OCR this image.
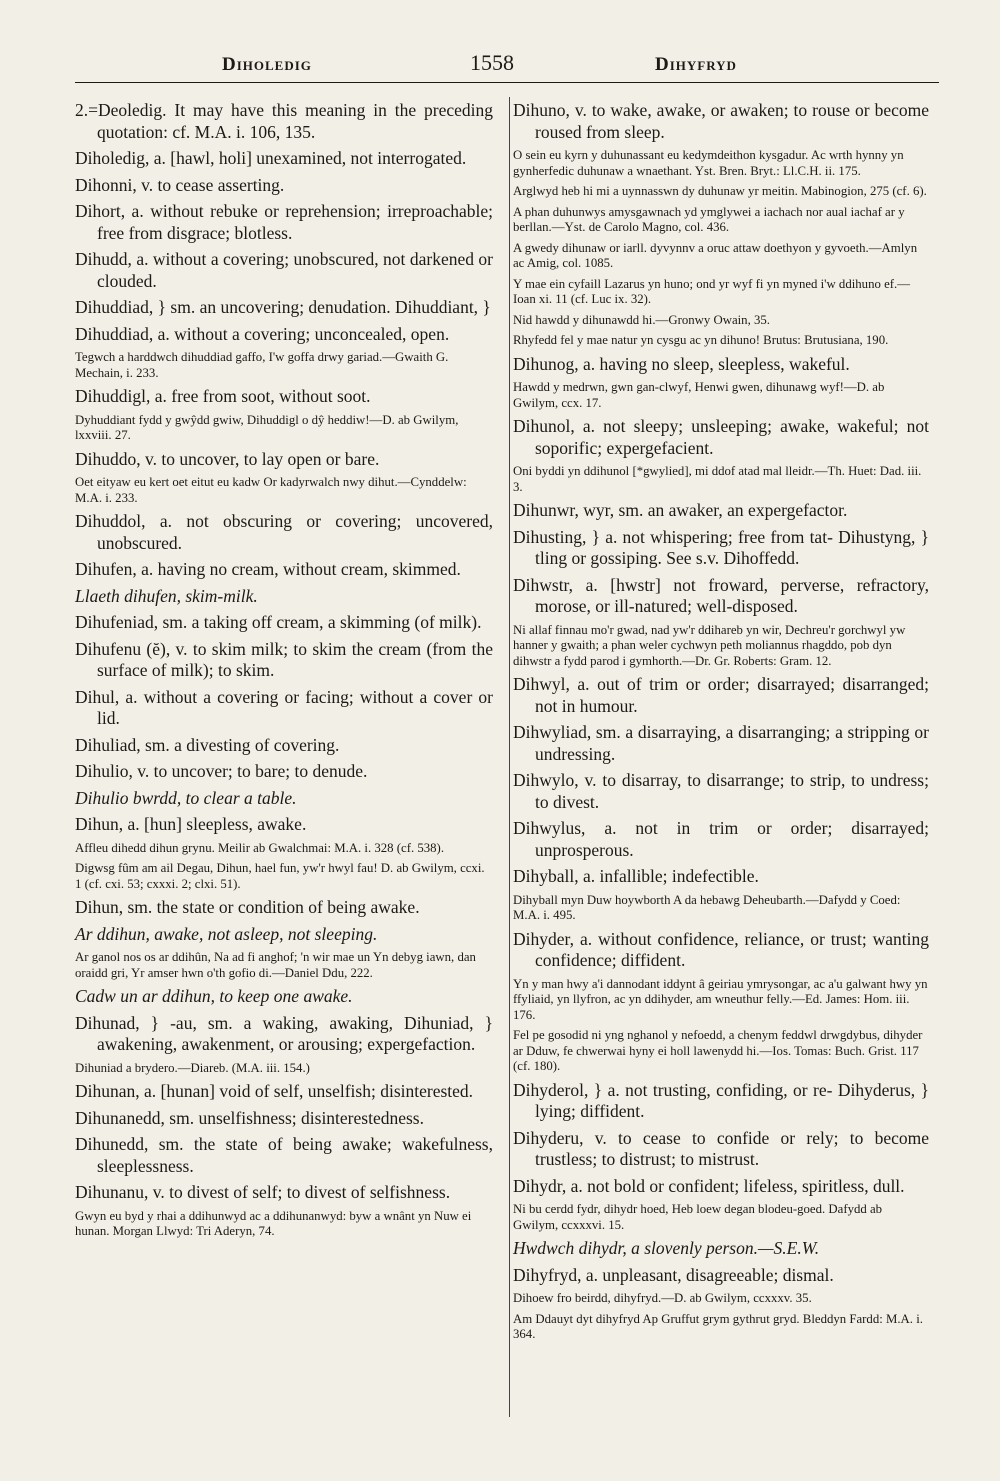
Diholedig	1558	Dihyfryd
2.=Deoledig. It may have this meaning in the preceding quotation: cf. M.A. i. 106, 135.
Diholedig, a. [hawl, holi] unexamined, not interrogated.
Dihonni, v. to cease asserting.
Dihort, a. without rebuke or reprehension; irreproachable; free from disgrace; blotless.
Dihudd, a. without a covering; unobscured, not darkened or clouded.
Dihuddiad, } sm. an uncovering; denudation. Dihuddiant, }
Dihuddiad, a. without a covering; unconcealed, open.
Tegwch a harddwch dihuddiad gaffo, I'w goffa drwy gariad.—Gwaith G. Mechain, i. 233.
Dihuddigl, a. free from soot, without soot.
Dyhuddiant fydd y gwŷdd gwiw, Dihuddigl o dŷ heddiw!—D. ab Gwilym, lxxviii. 27.
Dihuddo, v. to uncover, to lay open or bare.
Oet eityaw eu kert oet eitut eu kadw Or kadyrwalch nwy dihut.—Cynddelw: M.A. i. 233.
Dihuddol, a. not obscuring or covering; uncovered, unobscured.
Dihufen, a. having no cream, without cream, skimmed.
Llaeth dihufen, skim-milk.
Dihufeniad, sm. a taking off cream, a skimming (of milk).
Dihufenu (ĕ), v. to skim milk; to skim the cream (from the surface of milk); to skim.
Dihul, a. without a covering or facing; without a cover or lid.
Dihuliad, sm. a divesting of covering.
Dihulio, v. to uncover; to bare; to denude.
Dihulio bwrdd, to clear a table.
Dihun, a. [hun] sleepless, awake.
Affleu dihedd dihun grynu. Meilir ab Gwalchmai: M.A. i. 328 (cf. 538).
Digwsg fûm am ail Degau, Dihun, hael fun, yw'r hwyl fau! D. ab Gwilym, ccxi. 1 (cf. cxi. 53; cxxxi. 2; clxi. 51).
Dihun, sm. the state or condition of being awake.
Ar ddihun, awake, not asleep, not sleeping.
Ar ganol nos os ar ddihûn, Na ad fi anghof; 'n wir mae un Yn debyg iawn, dan oraidd gri, Yr amser hwn o'th gofio di.—Daniel Ddu, 222.
Cadw un ar ddihun, to keep one awake.
Dihunad, } -au, sm. a waking, awaking, Dihuniad, } awakening, awakenment, or arousing; expergefaction.
Dihuniad a brydero.—Diareb. (M.A. iii. 154.)
Dihunan, a. [hunan] void of self, unselfish; disinterested.
Dihunanedd, sm. unselfishness; disinterestedness.
Dihunedd, sm. the state of being awake; wakefulness, sleeplessness.
Dihunanu, v. to divest of self; to divest of selfishness.
Gwyn eu byd y rhai a ddihunwyd ac a ddihunanwyd: byw a wnânt yn Nuw ei hunan. Morgan Llwyd: Tri Aderyn, 74.
Dihuno, v. to wake, awake, or awaken; to rouse or become roused from sleep.
O sein eu kyrn y duhunassant eu kedymdeithon kysgadur. Ac wrth hynny yn gynherfedic duhunaw a wnaethant. Yst. Bren. Bryt.: Ll.C.H. ii. 175.
Arglwyd heb hi mi a uynnasswn dy duhunaw yr meitin. Mabinogion, 275 (cf. 6).
A phan duhunwys amysgawnach yd ymglywei a iachach nor aual iachaf ar y berllan.—Yst. de Carolo Magno, col. 436.
A gwedy dihunaw or iarll. dyvynnv a oruc attaw doethyon y gyvoeth.—Amlyn ac Amig, col. 1085.
Y mae ein cyfaill Lazarus yn huno; ond yr wyf fi yn myned i'w ddihuno ef.—Ioan xi. 11 (cf. Luc ix. 32).
Nid hawdd y dihunawdd hi.—Gronwy Owain, 35.
Rhyfedd fel y mae natur yn cysgu ac yn dihuno! Brutus: Brutusiana, 190.
Dihunog, a. having no sleep, sleepless, wakeful.
Hawdd y medrwn, gwn gan-clwyf, Henwi gwen, dihunawg wyf!—D. ab Gwilym, ccx. 17.
Dihunol, a. not sleepy; unsleeping; awake, wakeful; not soporific; expergefacient.
Oni byddi yn ddihunol [*gwylied], mi ddof atad mal lleidr.—Th. Huet: Dad. iii. 3.
Dihunwr, wyr, sm. an awaker, an expergefactor.
Dihusting, } a. not whispering; free from tat- Dihustyng, } tling or gossiping. See s.v. Dihoffedd.
Dihwstr, a. [hwstr] not froward, perverse, refractory, morose, or ill-natured; well-disposed.
Ni allaf finnau mo'r gwad, nad yw'r ddihareb yn wir, Dechreu'r gorchwyl yw hanner y gwaith; a phan weler cychwyn peth moliannus rhagddo, pob dyn dihwstr a fydd parod i gymhorth.—Dr. Gr. Roberts: Gram. 12.
Dihwyl, a. out of trim or order; disarrayed; disarranged; not in humour.
Dihwyliad, sm. a disarraying, a disarranging; a stripping or undressing.
Dihwylo, v. to disarray, to disarrange; to strip, to undress; to divest.
Dihwylus, a. not in trim or order; disarrayed; unprosperous.
Dihyball, a. infallible; indefectible.
Dihyball myn Duw hoywborth A da hebawg Deheubarth.—Dafydd y Coed: M.A. i. 495.
Dihyder, a. without confidence, reliance, or trust; wanting confidence; diffident.
Yn y man hwy a'i dannodant iddynt â geiriau ymrysongar, ac a'u galwant hwy yn ffyliaid, yn llyfron, ac yn ddihyder, am wneuthur felly.—Ed. James: Hom. iii. 176.
Fel pe gosodid ni yng nghanol y nefoedd, a chenym feddwl drwgdybus, dihyder ar Dduw, fe chwerwai hyny ei holl lawenydd hi.—Ios. Tomas: Buch. Grist. 117 (cf. 180).
Dihyderol, } a. not trusting, confiding, or re- Dihyderus, } lying; diffident.
Dihyderu, v. to cease to confide or rely; to become trustless; to distrust; to mistrust.
Dihydr, a. not bold or confident; lifeless, spiritless, dull.
Ni bu cerdd fydr, dihydr hoed, Heb loew degan blodeu-goed. Dafydd ab Gwilym, ccxxxvi. 15.
Hwdwch dihydr, a slovenly person.—S.E.W.
Dihyfryd, a. unpleasant, disagreeable; dismal.
Dihoew fro beirdd, dihyfryd.—D. ab Gwilym, ccxxxv. 35.
Am Ddauyt dyt dihyfryd Ap Gruffut grym gythrut gryd. Bleddyn Fardd: M.A. i. 364.
